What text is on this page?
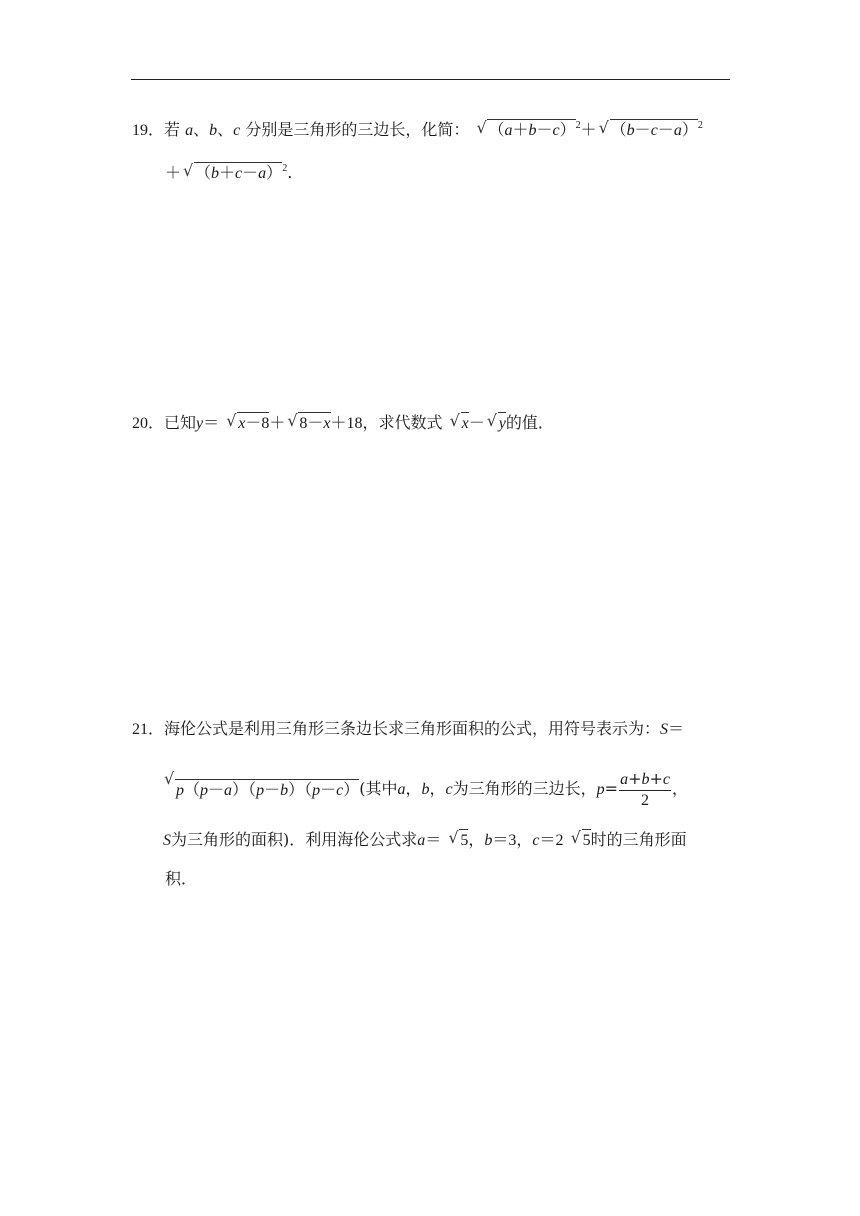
19．若 a、b、c 分别是三角形的三边长，化简： √ $(a+b-c)^2+√$ $(b-c-a)^2$
＋√ $(b+c-a)^2$.
20．已知y＝ √ x－8＋√ 8－x＋18，求代数式 √ x－√ y的值．
21．海伦公式是利用三角形三条边长求三角形面积的公式，用符号表示为：S＝
√ p（p－a）（p－b）（p－c）(其中a，b，c为三角形的三边长，$p= \frac{a+b+c}{2}$ ，
S为三角形的面积)．利用海伦公式求a＝ √ 5，b＝3，c＝2 √ 5时的三角形面
积．
